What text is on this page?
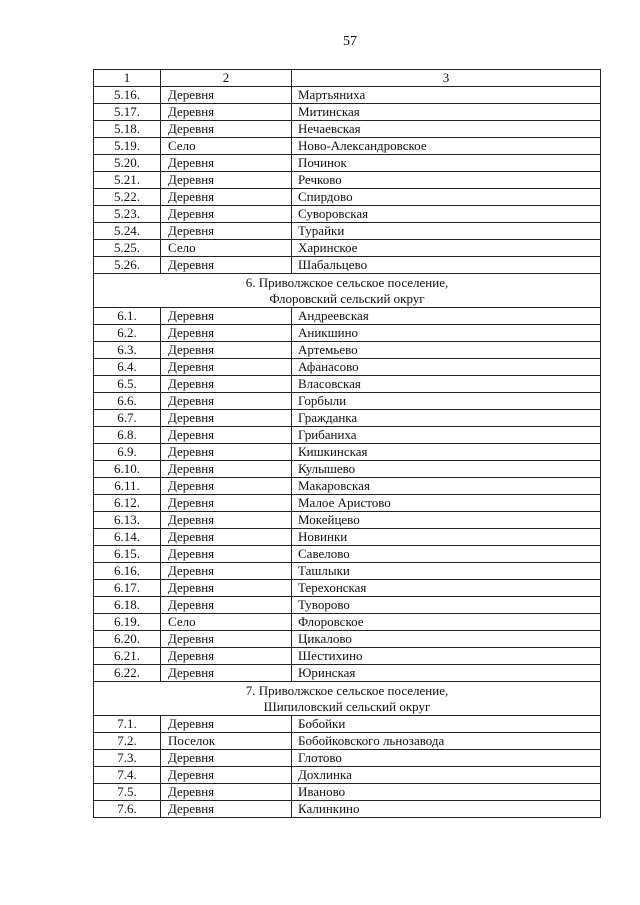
57
1	2	3
5.16.	Деревня	Мартьяниха
5.17.	Деревня	Митинская
5.18.	Деревня	Нечаевская
5.19.	Село	Ново-Александровское
5.20.	Деревня	Починок
5.21.	Деревня	Речково
5.22.	Деревня	Спирдово
5.23.	Деревня	Суворовская
5.24.	Деревня	Турайки
5.25.	Село	Харинское
5.26.	Деревня	Шабальцево

6. Приволжское сельское поселение,
Флоровский сельский округ		

6.1.	Деревня	Андреевская
6.2.	Деревня	Аникшино
6.3.	Деревня	Артемьево
6.4.	Деревня	Афанасово
6.5.	Деревня	Власовская
6.6.	Деревня	Горбыли
6.7.	Деревня	Гражданка
6.8.	Деревня	Грибаниха
6.9.	Деревня	Кишкинская
6.10.	Деревня	Кулышево
6.11.	Деревня	Макаровская
6.12.	Деревня	Малое Аристово
6.13.	Деревня	Мокейцево
6.14.	Деревня	Новинки
6.15.	Деревня	Савелово
6.16.	Деревня	Ташлыки
6.17.	Деревня	Терехонская
6.18.	Деревня	Туворово
6.19.	Село	Флоровское
6.20.	Деревня	Цикалово
6.21.	Деревня	Шестихино
6.22.	Деревня	Юринская

7. Приволжское сельское поселение,
Шипиловский сельский округ		

7.1.	Деревня	Бобойки
7.2.	Поселок	Бобойковского льнозавода
7.3.	Деревня	Глотово
7.4.	Деревня	Дохлинка
7.5.	Деревня	Иваново
7.6.	Деревня	Калинкино
